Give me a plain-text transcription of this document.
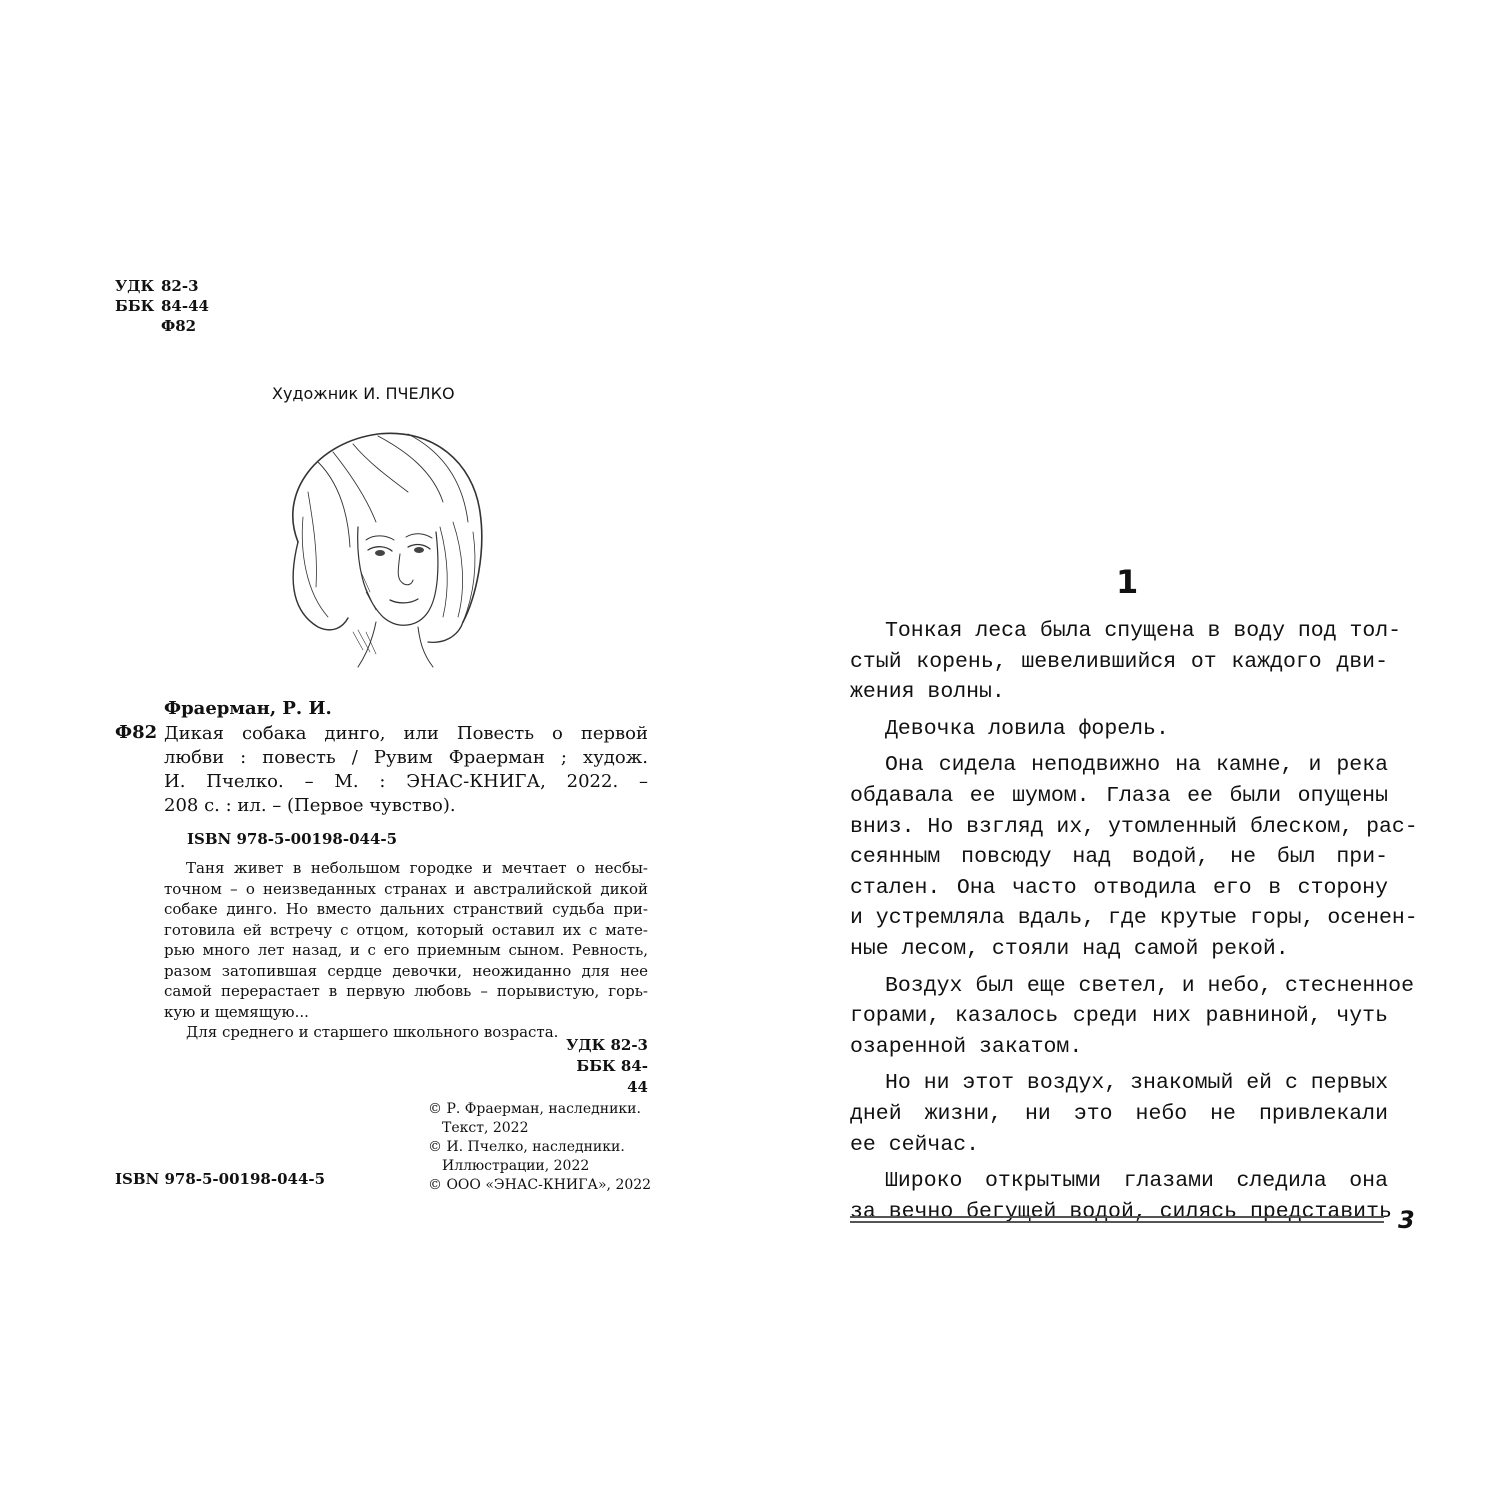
УДК 82-3
ББК 84-44
Ф82
Художник И. ПЧЕЛКО
Фраерман, Р. И.
Ф82 Дикая собака динго, или Повесть о первой
любви : повесть / Рувим Фраерман ; худож.
И. Пчелко. – М. : ЭНАС-КНИГА, 2022. –
208 с. : ил. – (Первое чувство).
ISBN 978-5-00198-044-5
Таня живет в небольшом городке и мечтает о несбы-
точном – о неизведанных странах и австралийской дикой
собаке динго. Но вместо дальних странствий судьба при-
готовила ей встречу с отцом, который оставил их с мате-
рью много лет назад, и с его приемным сыном. Ревность,
разом затопившая сердце девочки, неожиданно для нее
самой перерастает в первую любовь – порывистую, горь-
кую и щемящую...
Для среднего и старшего школьного возраста.
УДК 82-3
ББК 84-44
© Р. Фраерман, наследники.
Текст, 2022
© И. Пчелко, наследники.
Иллюстрации, 2022
© ООО «ЭНАС-КНИГА», 2022
ISBN 978-5-00198-044-5
1
Тонкая леса была спущена в воду под тол-
стый корень, шевелившийся от каждого дви-
жения волны.
Девочка ловила форель.
Она сидела неподвижно на камне, и река
обдавала ее шумом. Глаза ее были опущены
вниз. Но взгляд их, утомленный блеском, рас-
сеянным повсюду над водой, не был при-
стален. Она часто отводила его в сторону
и устремляла вдаль, где крутые горы, осенен-
ные лесом, стояли над самой рекой.
Воздух был еще светел, и небо, стесненное
горами, казалось среди них равниной, чуть
озаренной закатом.
Но ни этот воздух, знакомый ей с первых
дней жизни, ни это небо не привлекали
ее сейчас.
Широко открытыми глазами следила она
за вечно бегущей водой, силясь представить 3
